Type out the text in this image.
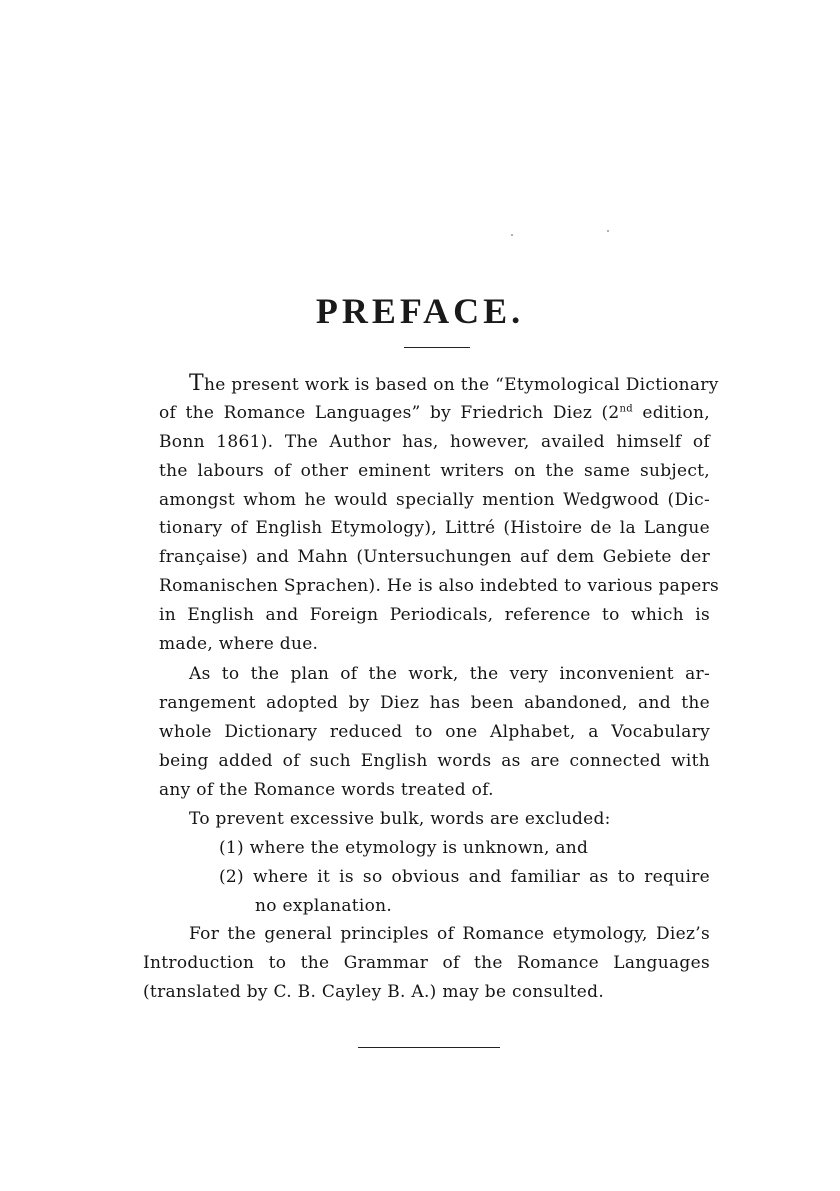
PREFACE.
The present work is based on the “Etymological Dictionary
of the Romance Languages” by Friedrich Diez (2nd edition,
Bonn 1861). The Author has, however, availed himself of
the labours of other eminent writers on the same subject,
amongst whom he would specially mention Wedgwood (Dic-
tionary of English Etymology), Littré (Histoire de la Langue
française) and Mahn (Untersuchungen auf dem Gebiete der
Romanischen Sprachen). He is also indebted to various papers
in English and Foreign Periodicals, reference to which is
made, where due.
As to the plan of the work, the very inconvenient ar-
rangement adopted by Diez has been abandoned, and the
whole Dictionary reduced to one Alphabet, a Vocabulary
being added of such English words as are connected with
any of the Romance words treated of.
To prevent excessive bulk, words are excluded:
(1) where the etymology is unknown, and
(2) where it is so obvious and familiar as to require
no explanation.
For the general principles of Romance etymology, Diez’s
Introduction to the Grammar of the Romance Languages
(translated by C. B. Cayley B. A.) may be consulted.
